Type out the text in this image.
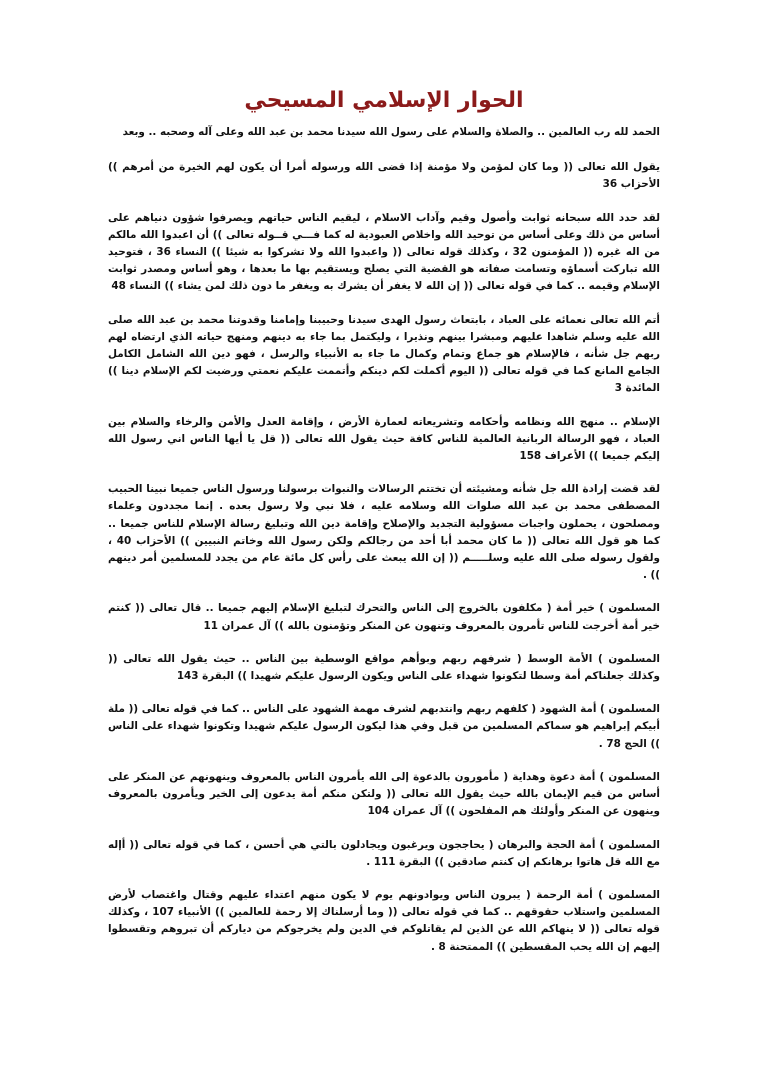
الحوار الإسلامي المسيحي

الحمد لله رب العالمين .. والصلاة والسلام على رسول الله سيدنا محمد بن عبد الله وعلى آله وصحبه .. وبعد

يقول الله تعالى (( وما كان لمؤمن ولا مؤمنة إذا قضى الله ورسوله أمرا أن يكون لهم الخيرة من أمرهم )) الأحزاب 36

لقد حدد الله سبحانه ثوابت وأصول وقيم وآداب الاسلام ، ليقيم الناس حياتهم ويصرفوا شؤون دنياهم على أساس من ذلك وعلى أساس من توحيد الله واخلاص العبودية له كما فـــي قــوله تعالى )) أن اعبدوا الله مالكم من اله غيره (( المؤمنون 32 ، وكذلك قوله تعالى (( واعبدوا الله ولا تشركوا به شيئا )) النساء 36 ، فتوحيد الله تباركت أسماؤه وتسامت صفاته هو القضية التي يصلح ويستقيم بها ما بعدها ، وهو أساس ومصدر ثوابت الإسلام وقيمه .. كما في قوله تعالى (( إن الله لا يغفر أن يشرك به ويغفر ما دون ذلك لمن يشاء )) النساء 48

أتم الله تعالى نعمائه على العباد ، بابتعاث رسول الهدى سيدنا وحبيبنا وإمامنا وقدوتنا محمد بن عبد الله صلى الله عليه وسلم شاهدا عليهم ومبشرا بينهم ونذيرا ، وليكتمل بما جاء به دينهم ومنهج حياته الذي ارتضاه لهم ربهم جل شأنه ، فالإسلام هو جماع وتمام وكمال ما جاء به الأنبياء والرسل ، فهو دين الله الشامل الكامل الجامع المانع كما في قوله تعالى (( اليوم أكملت لكم دينكم وأتممت عليكم نعمتي ورضيت لكم الإسلام دينا )) المائدة 3

الإسلام .. منهج الله ونظامه وأحكامه وتشريعاته لعمارة الأرض ، وإقامة العدل والأمن والرخاء والسلام بين العباد ، فهو الرسالة الربانية العالمية للناس كافة حيث يقول الله تعالى (( قل يا أيها الناس اني رسول الله إليكم جميعا )) الأعراف 158

لقد قضت إرادة الله جل شأنه ومشيئته أن تختتم الرسالات والنبوات برسولنا ورسول الناس جميعا نبينا الحبيب المصطفى محمد بن عبد الله صلوات الله وسلامه عليه ، فلا نبي ولا رسول بعده . إنما مجددون وعلماء ومصلحون ، يحملون واجبات مسؤولية التجديد والإصلاح وإقامة دين الله وتبليغ رسالة الإسلام للناس جميعا .. كما هو قول الله تعالى (( ما كان محمد أبا أحد من رجالكم ولكن رسول الله وخاتم النبيين )) الأحزاب 40 ، ولقول رسوله صلى الله عليه وسلـــــم (( إن الله يبعث على رأس كل مائة عام من يجدد للمسلمين أمر دينهم )) .

المسلمون ) خير أمة ( مكلفون بالخروج إلى الناس والتحرك لتبليغ الإسلام إليهم جميعا .. قال تعالى (( كنتم خير أمة أخرجت للناس تأمرون بالمعروف وتنهون عن المنكر وتؤمنون بالله )) آل عمران 11

المسلمون ) الأمة الوسط ( شرفهم ربهم وبوأهم مواقع الوسطية بين الناس .. حيث يقول الله تعالى (( وكذلك جعلناكم أمة وسطا لتكونوا شهداء على الناس ويكون الرسول عليكم شهيدا )) البقرة 143

المسلمون ) أمة الشهود ( كلفهم ربهم وانتدبهم لشرف مهمة الشهود على الناس .. كما في قوله تعالى (( ملة أبيكم إبراهيم هو سماكم المسلمين من قبل وفي هذا ليكون الرسول عليكم شهيدا وتكونوا شهداء على الناس )) الحج 78 .

المسلمون ) أمة دعوة وهداية ( مأمورون بالدعوة إلى الله يأمرون الناس بالمعروف وينهونهم عن المنكر على أساس من قيم الإيمان بالله حيث يقول الله تعالى (( ولتكن منكم أمة يدعون إلى الخير ويأمرون بالمعروف وينهون عن المنكر وأولئك هم المفلحون )) آل عمران 104

المسلمون ) أمة الحجة والبرهان ( يحاججون ويرغبون ويجادلون بالتي هي أحسن ، كما في قوله تعالى (( أإله مع الله قل هاتوا برهانكم إن كنتم صادقين )) البقرة 111 .

المسلمون ) أمة الرحمة ( يبرون الناس ويوادونهم يوم لا يكون منهم اعتداء عليهم وقتال واغتصاب لأرض المسلمين واستلاب حقوقهم .. كما في قوله تعالى (( وما أرسلناك إلا رحمة للعالمين )) الأنبياء 107 ، وكذلك قوله تعالى (( لا ينهاكم الله عن الذين لم يقاتلوكم في الدين ولم يخرجوكم من دياركم أن تبروهم وتقسطوا إليهم إن الله يحب المقسطين )) الممتحنة 8 .
